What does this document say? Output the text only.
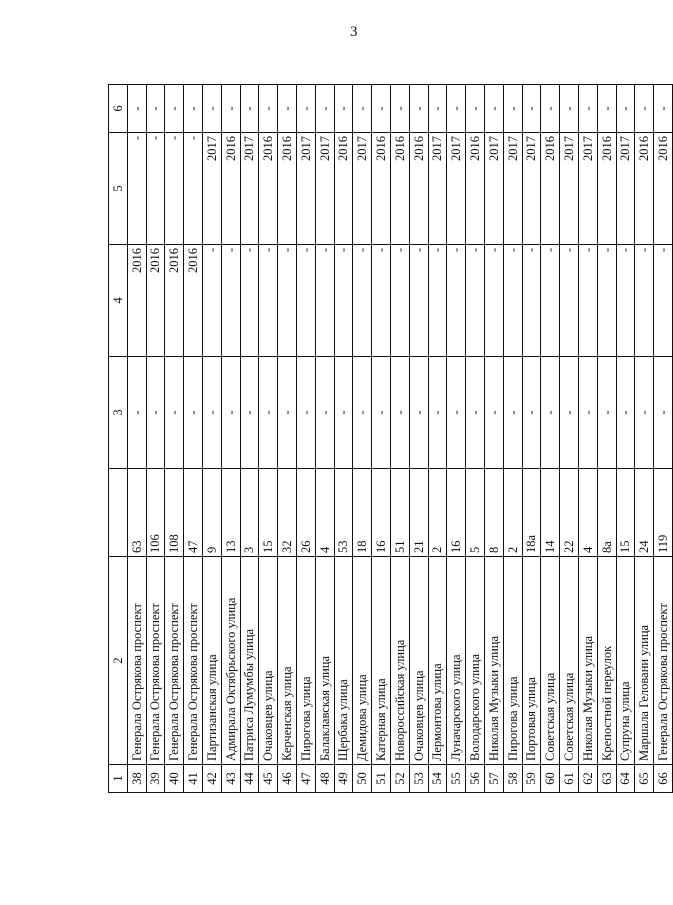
3
1	2		3	4	5	6
38	Генерала Острякова проспект	63	-	2016	-	-
39	Генерала Острякова проспект	106	-	2016	-	-
40	Генерала Острякова проспект	108	-	2016	-	-
41	Генерала Острякова проспект	47	-	2016	-	-
42	Партизанская улица	9	-	-	2017	-
43	Адмирала Октябрьского улица	13	-	-	2016	-
44	Патриса Лумумбы улица	3	-	-	2017	-
45	Очаковцев улица	15	-	-	2016	-
46	Керченская улица	32	-	-	2016	-
47	Пирогова улица	26	-	-	2017	-
48	Балаклавская улица	4	-	-	2017	-
49	Щербака улица	53	-	-	2016	-
50	Демидова улица	18	-	-	2017	-
51	Катерная улица	16	-	-	2016	-
52	Новороссийская улица	51	-	-	2016	-
53	Очаковцев улица	21	-	-	2016	-
54	Лермонтова улица	2	-	-	2017	-
55	Луначарского улица	16	-	-	2017	-
56	Володарского улица	5	-	-	2016	-
57	Николая Музыки улица	8	-	-	2017	-
58	Пирогова улица	2	-	-	2017	-
59	Портовая улица	18а	-	-	2017	-
60	Советская улица	14	-	-	2016	-
61	Советская улица	22	-	-	2017	-
62	Николая Музыки улица	4	-	-	2017	-
63	Крепостной переулок	8а	-	-	2016	-
64	Супруна улица	15	-	-	2017	-
65	Маршала Геловани улица	24	-	-	2016	-
66	Генерала Острякова проспект	119	-	-	2016	-
